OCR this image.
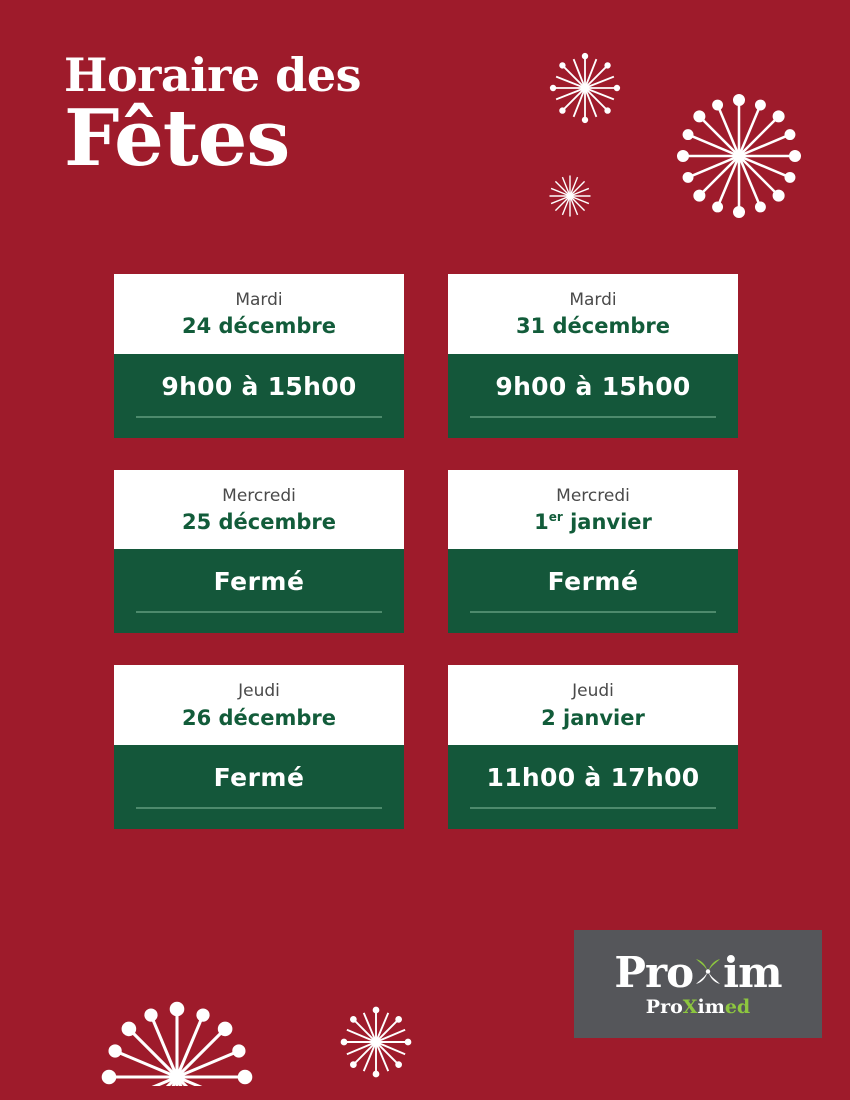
Horaire des
Fêtes
Mardi
24 décembre
9h00 à 15h00
Mardi
31 décembre
9h00 à 15h00
Mercredi
25 décembre
Fermé
Mercredi
1er janvier
Fermé
Jeudi
26 décembre
Fermé
Jeudi
2 janvier
11h00 à 17h00
Pro im
Pro X im ed
